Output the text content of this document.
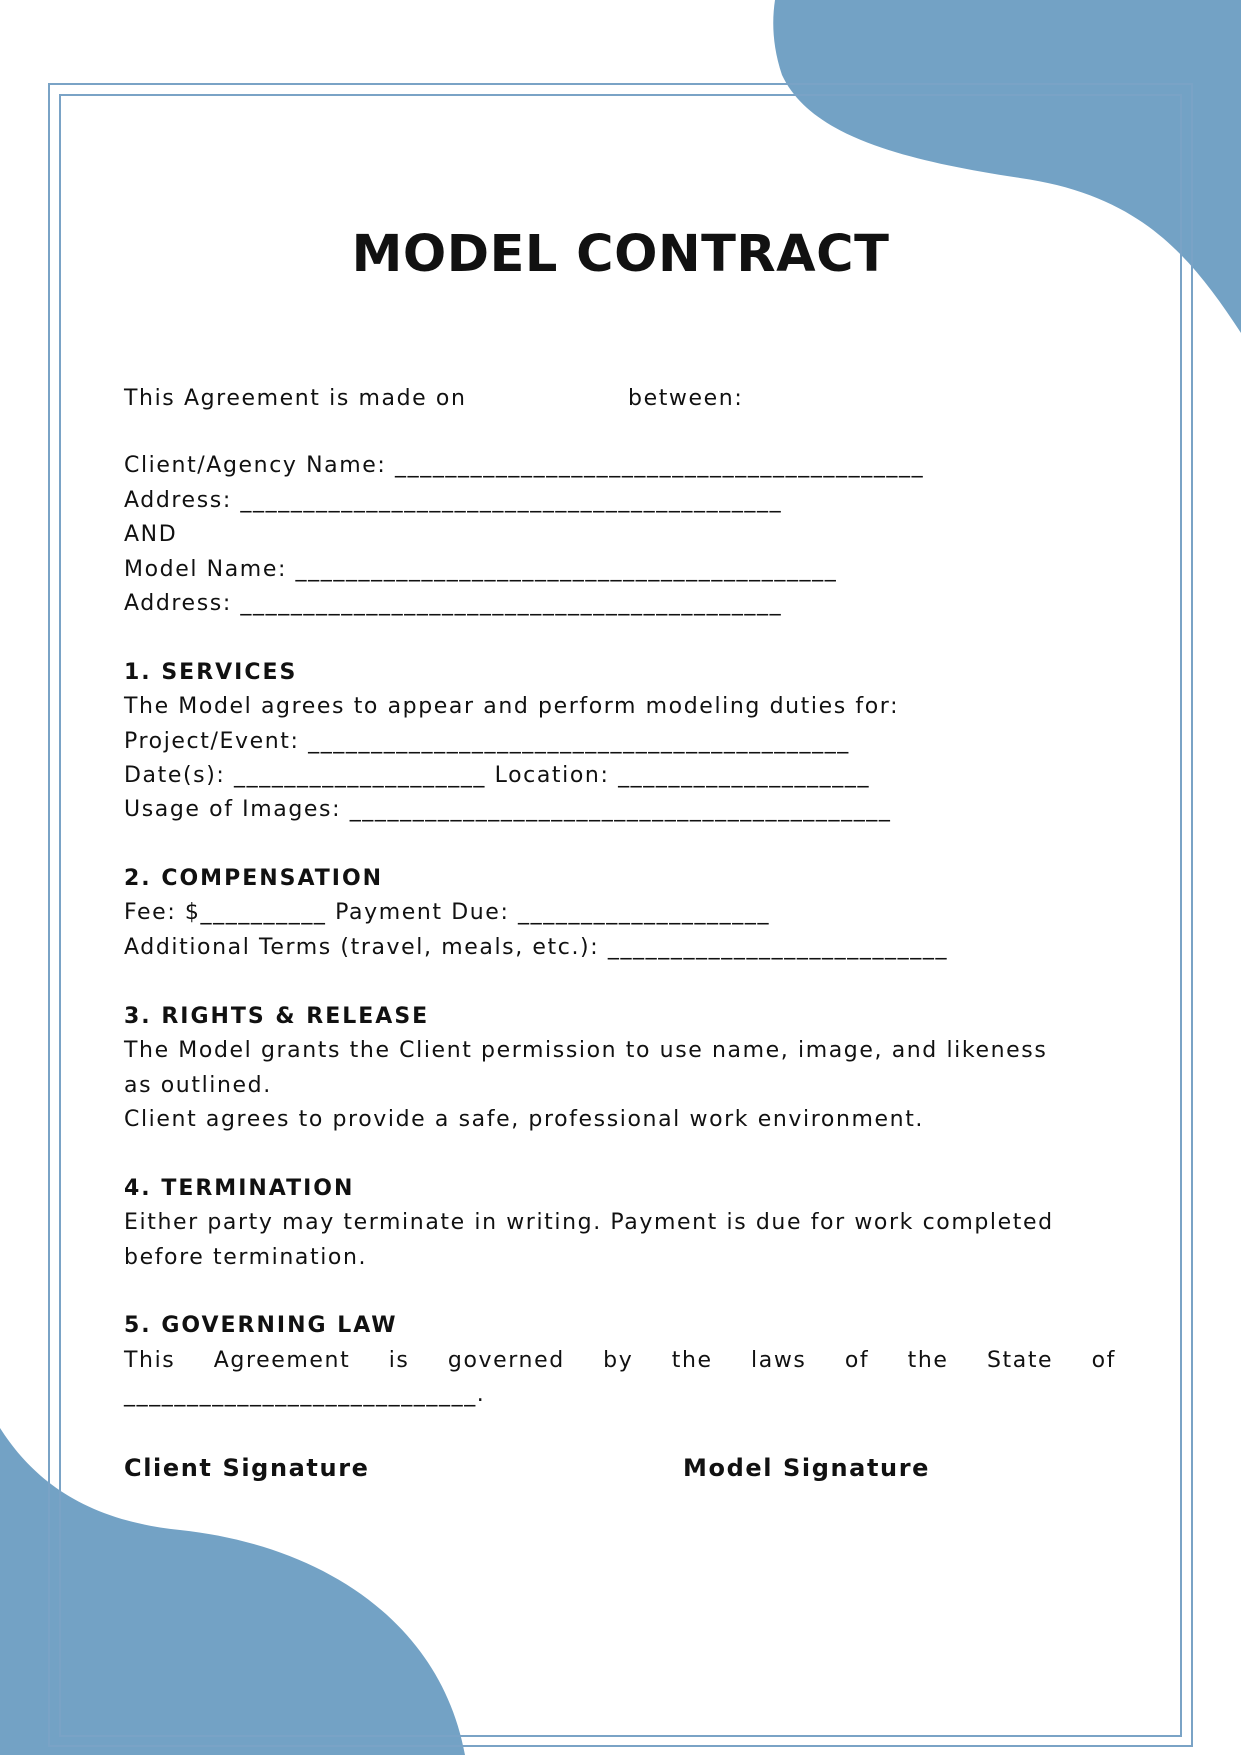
MODEL CONTRACT
This Agreement is made on	between:
Client/Agency Name: __________________________________________
Address: ___________________________________________
AND
Model Name: ___________________________________________
Address: ___________________________________________
1. SERVICES
The Model agrees to appear and perform modeling duties for:
Project/Event: ___________________________________________
Date(s): ____________________ Location: ____________________
Usage of Images: ___________________________________________
2. COMPENSATION
Fee: $__________ Payment Due: ____________________
Additional Terms (travel, meals, etc.): ___________________________
3. RIGHTS & RELEASE
The Model grants the Client permission to use name, image, and likeness
as outlined.
Client agrees to provide a safe, professional work environment.
4. TERMINATION
Either party may terminate in writing. Payment is due for work completed
before termination.
5. GOVERNING LAW
This Agreement is governed by the laws of the State of
____________________________.
Client Signature	Model Signature
